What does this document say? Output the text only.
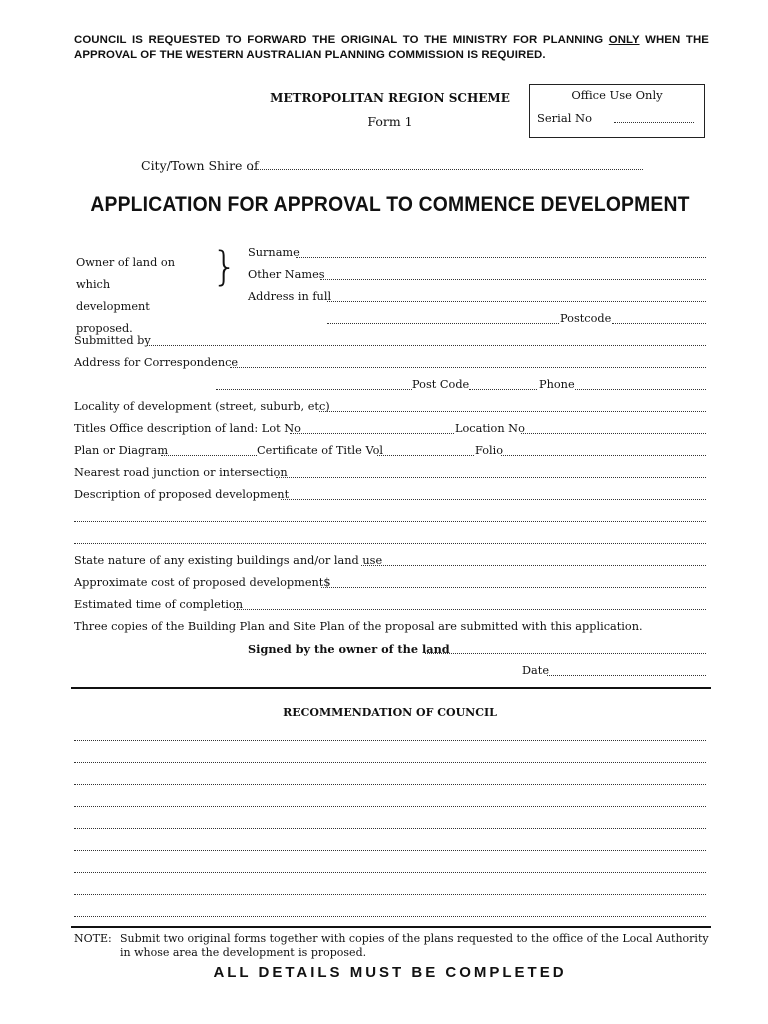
COUNCIL IS REQUESTED TO FORWARD THE ORIGINAL TO THE MINISTRY FOR PLANNING ONLY WHEN THE APPROVAL OF THE WESTERN AUSTRALIAN PLANNING COMMISSION IS REQUIRED.
METROPOLITAN REGION SCHEME
Form 1
Office Use Only
Serial No
City/Town Shire of
APPLICATION FOR APPROVAL TO COMMENCE DEVELOPMENT
Owner of land on which
development proposed.
} Surname
Other Names
Address in full
Postcode
Submitted by
Address for Correspondence
Post Code	Phone
Locality of development (street, suburb, etc)
Titles Office description of land: Lot No	Location No
Plan or Diagram	Certificate of Title Vol	Folio
Nearest road junction or intersection
Description of proposed development
State nature of any existing buildings and/or land use
Approximate cost of proposed development$
Estimated time of completion
Three copies of the Building Plan and Site Plan of the proposal are submitted with this application.
Signed by the owner of the land
Date
RECOMMENDATION OF COUNCIL
NOTE: Submit two original forms together with copies of the plans requested to the office of the Local Authority
in whose area the development is proposed.
ALL DETAILS MUST BE COMPLETED
